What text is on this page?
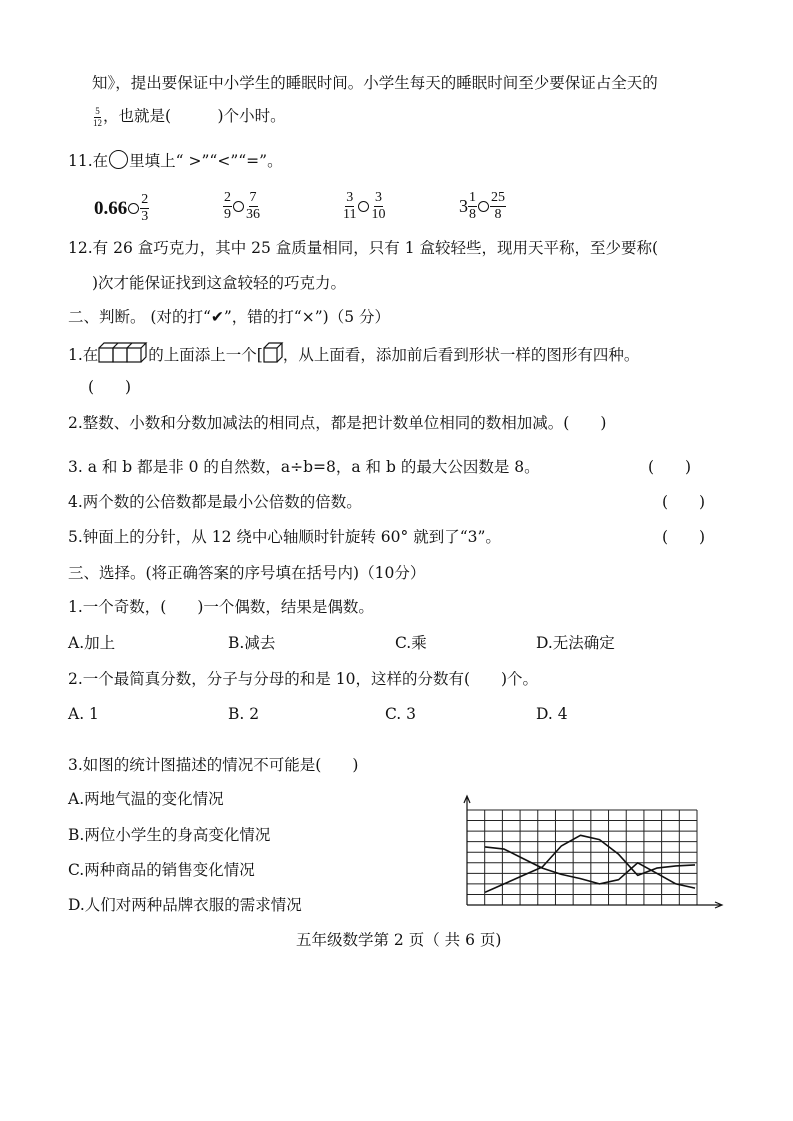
知》，提出要保证中小学生的睡眠时间。小学生每天的睡眠时间至少要保证占全天的
$\frac{5}{12}$ ，也就是(　　　)个小时。
11.在 里填上“ >”“<”“=”。
$0.66 \frac{2}{3}$	$\frac{2}{9} \frac{7}{36}$	$\frac{3}{11} \frac{3}{10}$	$3 \frac{1}{8} \frac{25}{8}$
12.有 26 盒巧克力，其中 25 盒质量相同，只有 1 盒较轻些，现用天平称，至少要称(
)次才能保证找到这盒较轻的巧克力。
二、判断。 (对的打“✔”，错的打“×”)（5 分）
1.在	的上面添上一个[ ，从上面看，添加前后看到形状一样的图形有四种。
(　　)
2.整数、小数和分数加减法的相同点，都是把计数单位相同的数相加减。(　　)
3. a 和 b 都是非 0 的自然数，a÷b=8，a 和 b 的最大公因数是 8。	(　　)
4.两个数的公倍数都是最小公倍数的倍数。	(　　)
5.钟面上的分针，从 12 绕中心轴顺时针旋转 60° 就到了“3”。	(　　)
三、选择。(将正确答案的序号填在括号内)（10分）
1.一个奇数，(　　)一个偶数，结果是偶数。
A.加上	B.减去	C.乘	D.无法确定
2.一个最简真分数，分子与分母的和是 10，这样的分数有(　　)个。
A. 1	B. 2	C. 3	D. 4
3.如图的统计图描述的情况不可能是(　　)
A.两地气温的变化情况
B.两位小学生的身高变化情况
C.两种商品的销售变化情况
D.人们对两种品牌衣服的需求情况
五年级数学第 2 页（ 共 6 页)
